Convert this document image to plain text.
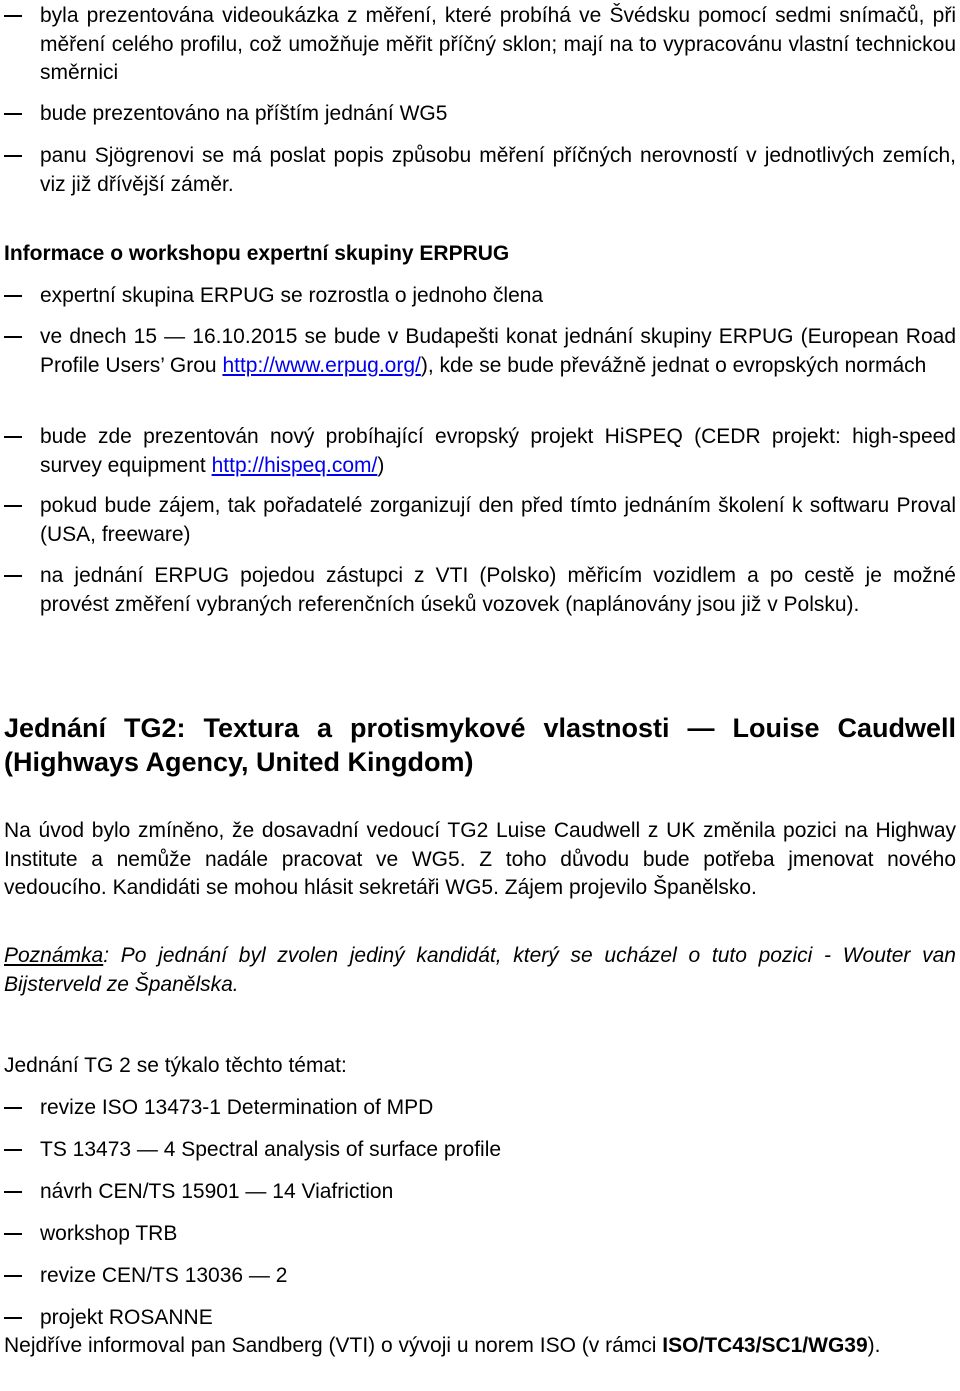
byla prezentována videoukázka z měření, které probíhá ve Švédsku pomocí sedmi snímačů, při měření celého profilu, což umožňuje měřit příčný sklon; mají na to vypracovánu vlastní technickou směrnici
bude prezentováno na příštím jednání WG5
panu Sjögrenovi se má poslat popis způsobu měření příčných nerovností v jednotlivých zemích, viz již dřívější záměr.
Informace o workshopu expertní skupiny ERPRUG
expertní skupina ERPUG se rozrostla o jednoho člena
ve dnech 15 — 16.10.2015 se bude v Budapešti konat jednání skupiny ERPUG (European Road Profile Users’ Grou http://www.erpug.org/), kde se bude převážně jednat o evropských normách
bude zde prezentován nový probíhající evropský projekt HiSPEQ (CEDR projekt: high-speed survey equipment http://hispeq.com/)
pokud bude zájem, tak pořadatelé zorganizují den před tímto jednáním školení k softwaru Proval (USA, freeware)
na jednání ERPUG pojedou zástupci z VTI (Polsko) měřicím vozidlem a po cestě je možné provést změření vybraných referenčních úseků vozovek (naplánovány jsou již v Polsku).
Jednání TG2: Textura a protismykové vlastnosti — Louise Caudwell (Highways Agency, United Kingdom)
Na úvod bylo zmíněno, že dosavadní vedoucí TG2 Luise Caudwell z UK změnila pozici na Highway Institute a nemůže nadále pracovat ve WG5. Z toho důvodu bude potřeba jmenovat nového vedoucího. Kandidáti se mohou hlásit sekretáři WG5. Zájem projevilo Španělsko.
Poznámka: Po jednání byl zvolen jediný kandidát, který se ucházel o tuto pozici - Wouter van Bijsterveld ze Španělska.
Jednání TG 2 se týkalo těchto témat:
revize ISO 13473-1 Determination of MPD
TS 13473 — 4 Spectral analysis of surface profile
návrh CEN/TS 15901 — 14 Viafriction
workshop TRB
revize CEN/TS 13036 — 2
projekt ROSANNE
Nejdříve informoval pan Sandberg (VTI) o vývoji u norem ISO (v rámci ISO/TC43/SC1/WG39).
